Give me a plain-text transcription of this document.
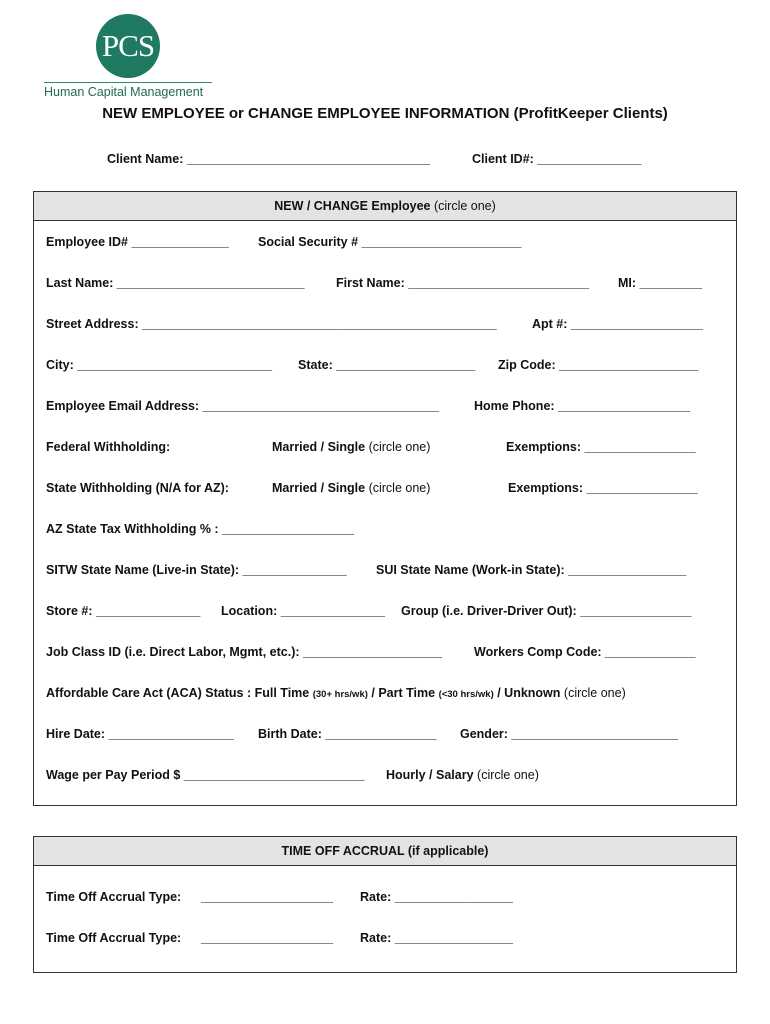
PCS
Human Capital Management
NEW EMPLOYEE or CHANGE EMPLOYEE INFORMATION (ProfitKeeper Clients)
Client Name: ___________________________________	Client ID#: _______________
NEW / CHANGE Employee (circle one)
Employee ID# ______________ Social Security # _______________________
Last Name: ___________________________	First Name: __________________________ MI: _________
Street Address: ___________________________________________________	Apt #: ___________________
City: ____________________________ State: ____________________ Zip Code: ____________________
Employee Email Address: __________________________________	Home Phone: ___________________
Federal Withholding:	Married / Single (circle one)	Exemptions: ________________
State Withholding (N/A for AZ):	Married / Single (circle one)	Exemptions: ________________
AZ State Tax Withholding % : ___________________
SITW State Name (Live-in State): _______________ SUI State Name (Work-in State): _________________
Store #: _______________ Location: _______________ Group (i.e. Driver-Driver Out): ________________
Job Class ID (i.e. Direct Labor, Mgmt, etc.): ____________________	Workers Comp Code: _____________
Affordable Care Act (ACA) Status : Full Time (30+ hrs/wk) / Part Time (<30 hrs/wk) / Unknown (circle one)
Hire Date: __________________ Birth Date: ________________ Gender: ________________________
Wage per Pay Period $ __________________________ Hourly / Salary (circle one)
TIME OFF ACCRUAL (if applicable)
Time Off Accrual Type: ___________________ Rate: _________________
Time Off Accrual Type: ___________________ Rate: _________________
